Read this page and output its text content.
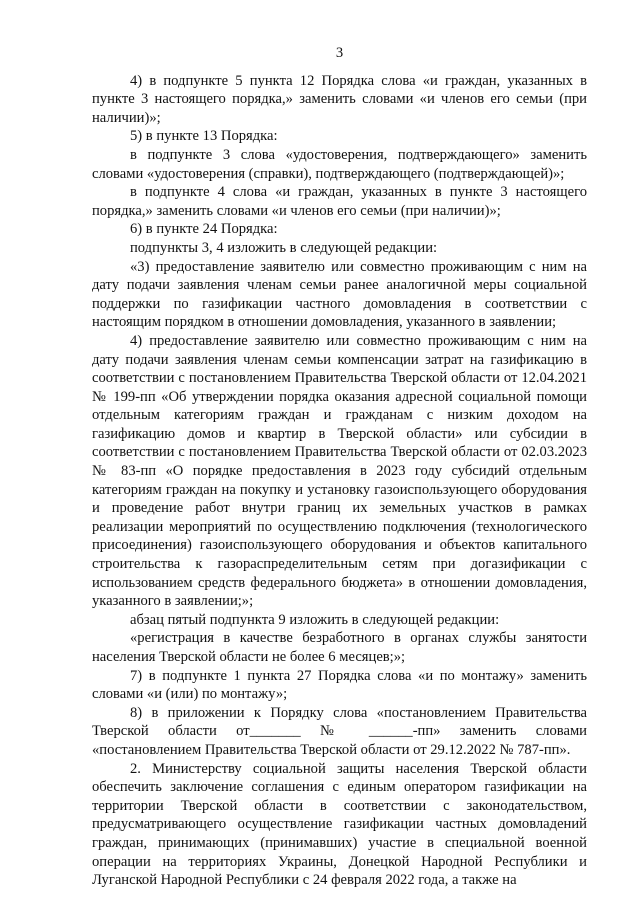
3

4) в подпункте 5 пункта 12 Порядка слова «и граждан, указанных в пункте 3 настоящего порядка,» заменить словами «и членов его семьи (при наличии)»;

5) в пункте 13 Порядка:

в подпункте 3 слова «удостоверения, подтверждающего» заменить словами «удостоверения (справки), подтверждающего (подтверждающей)»;

в подпункте 4 слова «и граждан, указанных в пункте 3 настоящего порядка,» заменить словами «и членов его семьи (при наличии)»;

6) в пункте 24 Порядка:

подпункты 3, 4 изложить в следующей редакции:

«3) предоставление заявителю или совместно проживающим с ним на дату подачи заявления членам семьи ранее аналогичной меры социальной поддержки по газификации частного домовладения в соответствии с настоящим порядком в отношении домовладения, указанного в заявлении;

4) предоставление заявителю или совместно проживающим с ним на дату подачи заявления членам семьи компенсации затрат на газификацию в соответствии с постановлением Правительства Тверской области от 12.04.2021 № 199-пп «Об утверждении порядка оказания адресной социальной помощи отдельным категориям граждан и гражданам с низким доходом на газификацию домов и квартир в Тверской области» или субсидии в соответствии с постановлением Правительства Тверской области от 02.03.2023 № 83-пп «О порядке предоставления в 2023 году субсидий отдельным категориям граждан на покупку и установку газоиспользующего оборудования и проведение работ внутри границ их земельных участков в рамках реализации мероприятий по осуществлению подключения (технологического присоединения) газоиспользующего оборудования и объектов капитального строительства к газораспределительным сетям при догазификации с использованием средств федерального бюджета» в отношении домовладения, указанного в заявлении;»;

абзац пятый подпункта 9 изложить в следующей редакции:

«регистрация в качестве безработного в органах службы занятости населения Тверской области не более 6 месяцев;»;

7) в подпункте 1 пункта 27 Порядка слова «и по монтажу» заменить словами «и (или) по монтажу»;

8) в приложении к Порядку слова «постановлением Правительства Тверской области от_______ № ______-пп» заменить словами «постановлением Правительства Тверской области от 29.12.2022 № 787-пп».

2. Министерству социальной защиты населения Тверской области обеспечить заключение соглашения с единым оператором газификации на территории Тверской области в соответствии с законодательством, предусматривающего осуществление газификации частных домовладений граждан, принимающих (принимавших) участие в специальной военной операции на территориях Украины, Донецкой Народной Республики и Луганской Народной Республики с 24 февраля 2022 года, а также на
